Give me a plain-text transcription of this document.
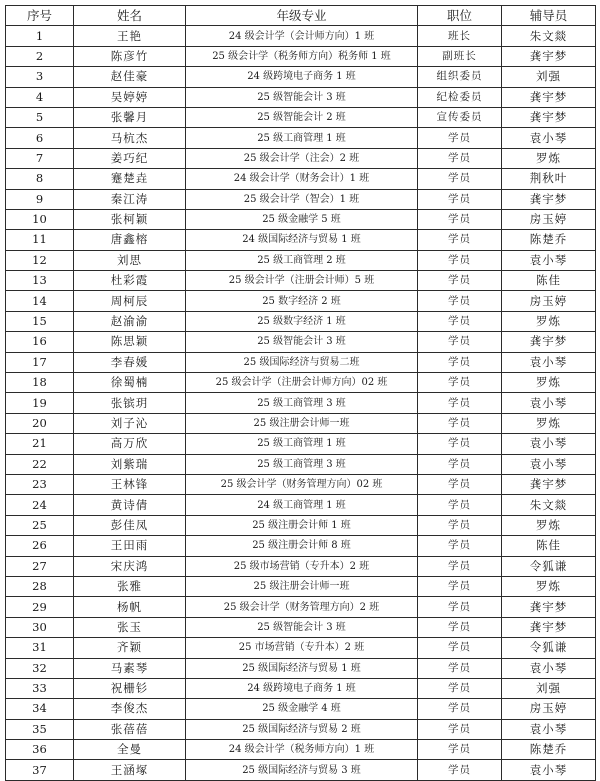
序号	姓名	年级专业	职位	辅导员
1	王艳	24 级会计学（会计师方向）1 班	班长	朱文燚
2	陈彦竹	25 级会计学（税务师方向）税务师 1 班	副班长	龚宇梦
3	赵佳豪	24 级跨境电子商务 1 班	组织委员	刘强
4	吴婷婷	25 级智能会计 3 班	纪检委员	龚宇梦
5	张馨月	25 级智能会计 2 班	宣传委员	龚宇梦
6	马杭杰	25 级工商管理 1 班	学员	袁小琴
7	姜巧纪	25 级会计学（注会）2 班	学员	罗炼
8	蹇楚垚	24 级会计学（财务会计）1 班	学员	荆秋叶
9	秦江涛	25 级会计学（智会）1 班	学员	龚宇梦
10	张柯颖	25 级金融学 5 班	学员	房玉婷
11	唐鑫榕	24 级国际经济与贸易 1 班	学员	陈楚乔
12	刘思	25 级工商管理 2 班	学员	袁小琴
13	杜彩霞	25 级会计学（注册会计师）5 班	学员	陈佳
14	周柯辰	25 数字经济 2 班	学员	房玉婷
15	赵渝渝	25 级数字经济 1 班	学员	罗炼
16	陈思颖	25 级智能会计 3 班	学员	龚宇梦
17	李春媛	25 级国际经济与贸易二班	学员	袁小琴
18	徐蜀楠	25 级会计学（注册会计师方向）02 班	学员	罗炼
19	张镔玥	25 级工商管理 3 班	学员	袁小琴
20	刘子沁	25 级注册会计师一班	学员	罗炼
21	高万欣	25 级工商管理 1 班	学员	袁小琴
22	刘紫瑞	25 级工商管理 3 班	学员	袁小琴
23	王林锋	25 级会计学（财务管理方向）02 班	学员	龚宇梦
24	黄诗倩	24 级工商管理 1 班	学员	朱文燚
25	彭佳凤	25 级注册会计师 1 班	学员	罗炼
26	王田雨	25 级注册会计师 8 班	学员	陈佳
27	宋庆鸿	25 级市场营销（专升本）2 班	学员	令狐谦
28	张雅	25 级注册会计师一班	学员	罗炼
29	杨帆	25 级会计学（财务管理方向）2 班	学员	龚宇梦
30	张玉	25 级智能会计 3 班	学员	龚宇梦
31	齐颖	25 市场营销（专升本）2 班	学员	令狐谦
32	马素琴	25 级国际经济与贸易 1 班	学员	袁小琴
33	祝栅钐	24 级跨境电子商务 1 班	学员	刘强
34	李俊杰	25 级金融学 4 班	学员	房玉婷
35	张蓓蓓	25 级国际经济与贸易 2 班	学员	袁小琴
36	全曼	24 级会计学（税务师方向）1 班	学员	陈楚乔
37	王涵塚	25 级国际经济与贸易 3 班	学员	袁小琴
